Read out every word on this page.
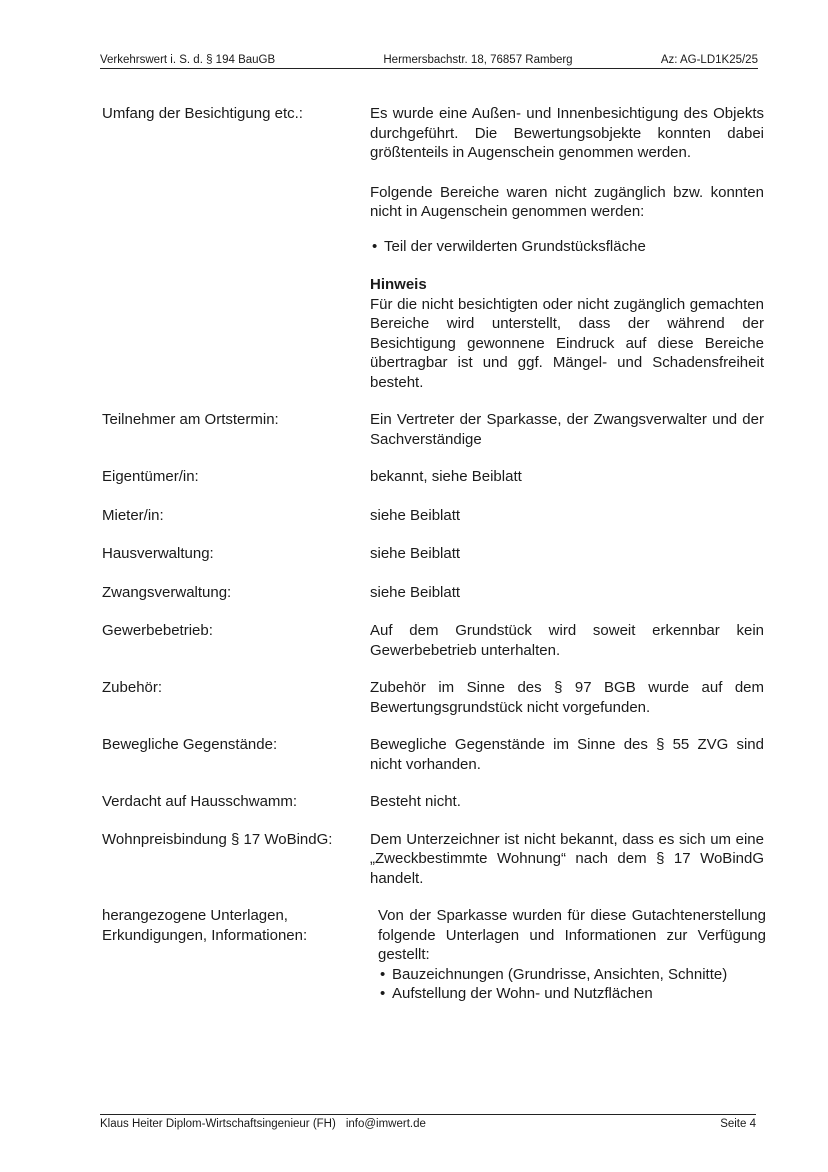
Verkehrswert i. S. d. § 194 BauGB	Hermersbachstr. 18, 76857 Ramberg	Az: AG-LD1K25/25
Umfang der Besichtigung etc.:	Es wurde eine Außen- und Innenbesichtigung des Objekts durchgeführt. Die Bewertungsobjekte konnten dabei größtenteils in Augenschein genommen werden.

Folgende Bereiche waren nicht zugänglich bzw. konnten nicht in Augenschein genommen werden:

• Teil der verwilderten Grundstücksfläche

Hinweis

Für die nicht besichtigten oder nicht zugänglich gemachten Bereiche wird unterstellt, dass der während der Besichtigung gewonnene Eindruck auf diese Bereiche übertragbar ist und ggf. Mängel- und Schadensfreiheit besteht.

Teilnehmer am Ortstermin:	Ein Vertreter der Sparkasse, der Zwangsverwalter und der Sachverständige
Eigentümer/in:	bekannt, siehe Beiblatt
Mieter/in:	siehe Beiblatt
Hausverwaltung:	siehe Beiblatt
Zwangsverwaltung:	siehe Beiblatt
Gewerbebetrieb:	Auf dem Grundstück wird soweit erkennbar kein Gewerbebetrieb unterhalten.
Zubehör:	Zubehör im Sinne des § 97 BGB wurde auf dem Bewertungsgrundstück nicht vorgefunden.
Bewegliche Gegenstände:	Bewegliche Gegenstände im Sinne des § 55 ZVG sind nicht vorhanden.
Verdacht auf Hausschwamm:	Besteht nicht.
Wohnpreisbindung § 17 WoBindG:	Dem Unterzeichner ist nicht bekannt, dass es sich um eine „Zweckbestimmte Wohnung“ nach dem § 17 WoBindG handelt.
herangezogene Unterlagen, Erkundigungen, Informationen:

Von der Sparkasse wurden für diese Gutachtenerstellung folgende Unterlagen und Informationen zur Verfügung gestellt:

• Bauzeichnungen (Grundrisse, Ansichten, Schnitte)
• Aufstellung der Wohn- und Nutzflächen
Klaus Heiter Diplom-Wirtschaftsingenieur (FH) info@imwert.de	Seite 4
